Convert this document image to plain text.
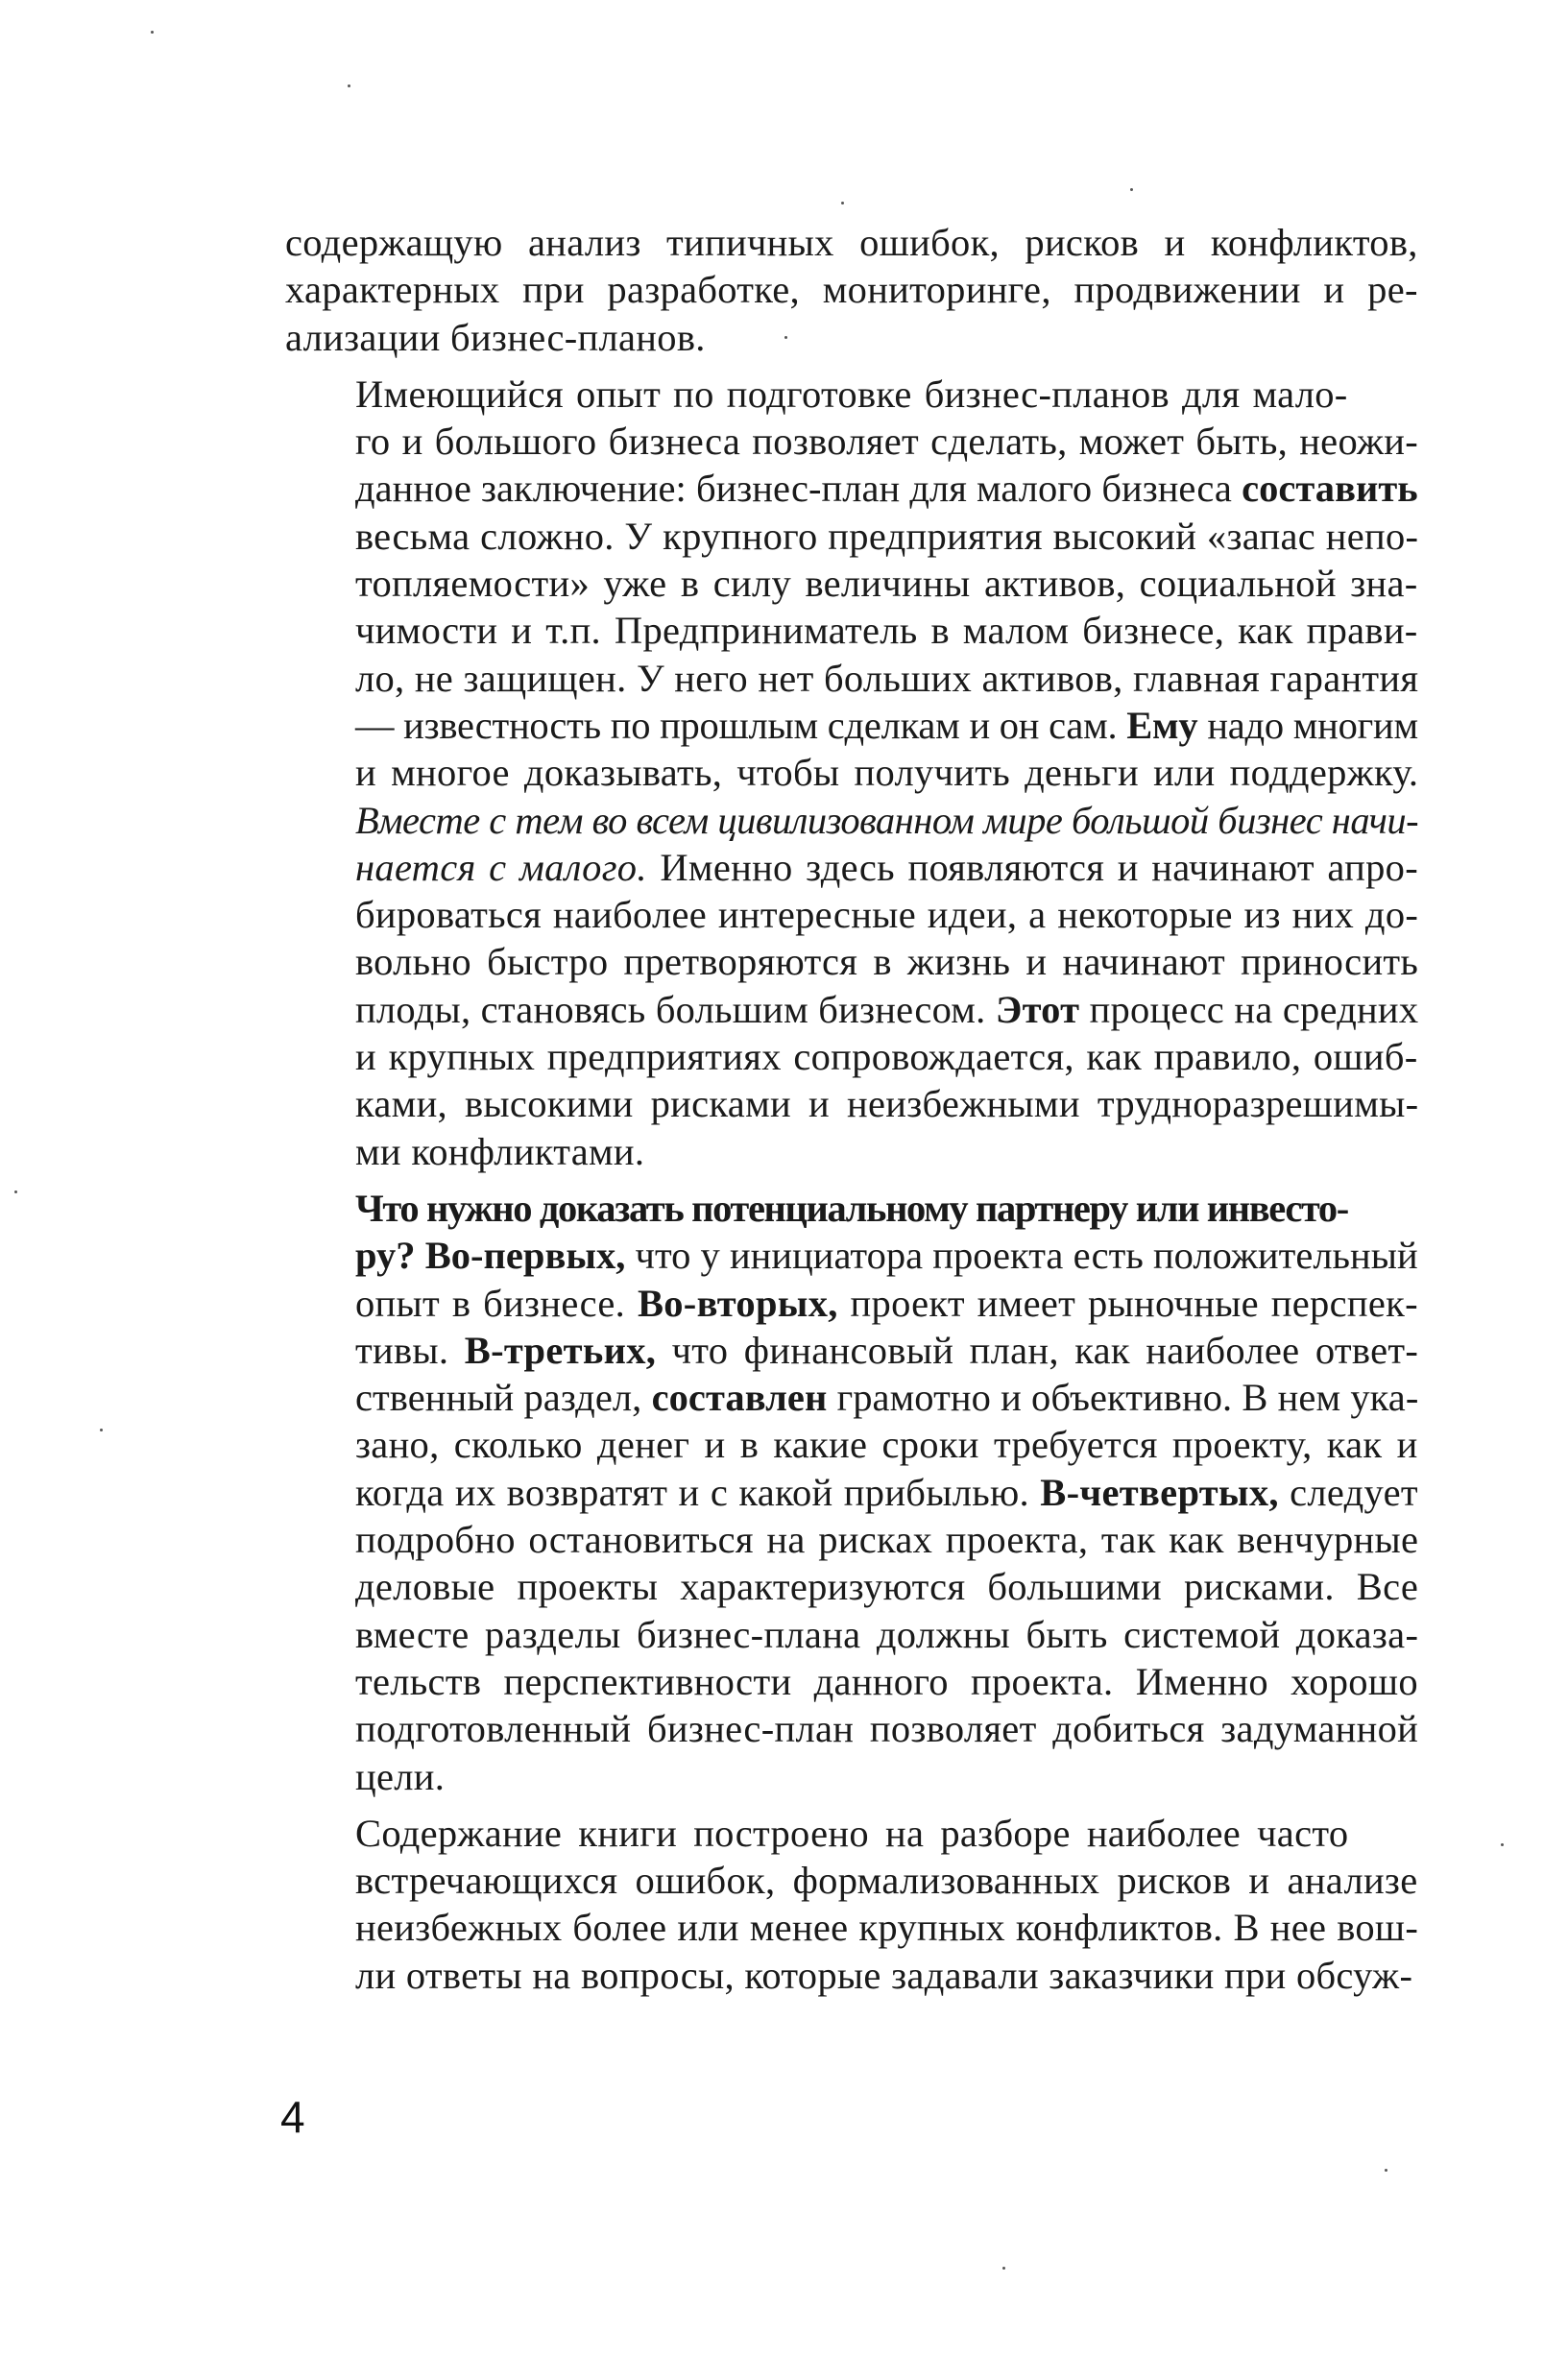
содержащую анализ типичных ошибок, рисков и конфликтов,
характерных при разработке, мониторинге, продвижении и ре-
ализации бизнес-планов.

Имеющийся опыт по подготовке бизнес-планов для мало-
го и большого бизнеса позволяет сделать, может быть, неожи-
данное заключение: бизнес-план для малого бизнеса составить
весьма сложно. У крупного предприятия высокий «запас непо-
топляемости» уже в силу величины активов, социальной зна-
чимости и т.п. Предприниматель в малом бизнесе, как прави-
ло, не защищен. У него нет больших активов, главная гарантия
— известность по прошлым сделкам и он сам. Ему надо многим
и многое доказывать, чтобы получить деньги или поддержку.
Вместе с тем во всем цивилизованном мире большой бизнес начи-
нается с малого. Именно здесь появляются и начинают апро-
бироваться наиболее интересные идеи, а некоторые из них до-
вольно быстро претворяются в жизнь и начинают приносить
плоды, становясь большим бизнесом. Этот процесс на средних
и крупных предприятиях сопровождается, как правило, ошиб-
ками, высокими рисками и неизбежными трудноразрешимы-
ми конфликтами.

Что нужно доказать потенциальному партнеру или инвесто-
ру? Во-первых, что у инициатора проекта есть положительный
опыт в бизнесе. Во-вторых, проект имеет рыночные перспек-
тивы. В-третьих, что финансовый план, как наиболее ответ-
ственный раздел, составлен грамотно и объективно. В нем ука-
зано, сколько денег и в какие сроки требуется проекту, как и
когда их возвратят и с какой прибылью. В-четвертых, следует
подробно остановиться на рисках проекта, так как венчурные
деловые проекты характеризуются большими рисками. Все
вместе разделы бизнес-плана должны быть системой доказа-
тельств перспективности данного проекта. Именно хорошо
подготовленный бизнес-план позволяет добиться задуманной
цели.

Содержание книги построено на разборе наиболее часто
встречающихся ошибок, формализованных рисков и анализе
неизбежных более или менее крупных конфликтов. В нее вош-
ли ответы на вопросы, которые задавали заказчики при обсуж-

4
